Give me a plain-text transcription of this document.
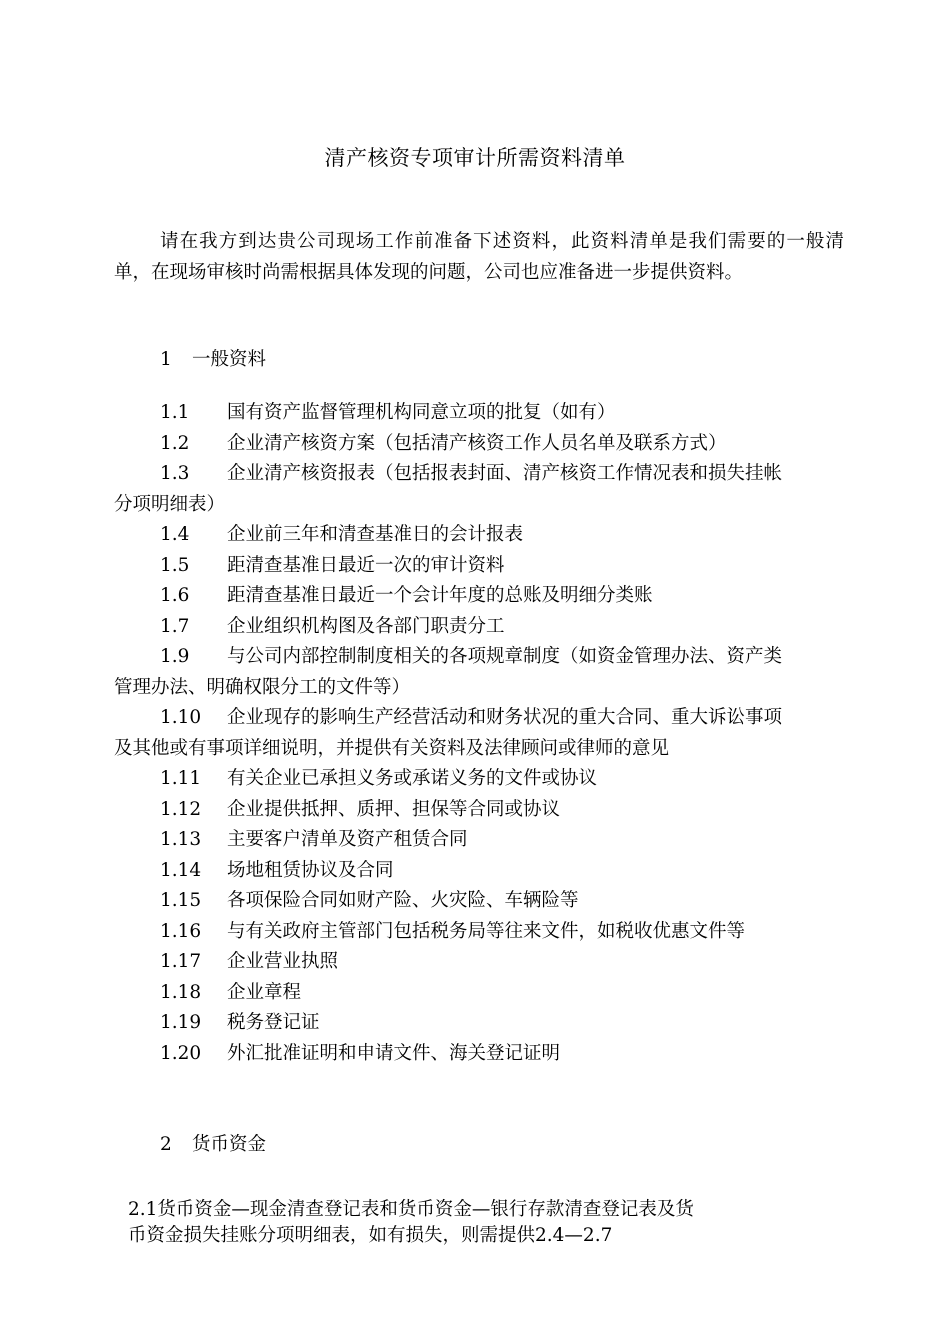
清产核资专项审计所需资料清单
请在我方到达贵公司现场工作前准备下述资料，此资料清单是我们需要的一般清单，在现场审核时尚需根据具体发现的问题，公司也应准备进一步提供资料。
1 一般资料
1.1 国有资产监督管理机构同意立项的批复（如有）
1.2 企业清产核资方案（包括清产核资工作人员名单及联系方式）
1.3 企业清产核资报表（包括报表封面、清产核资工作情况表和损失挂帐
分项明细表）
1.4 企业前三年和清查基准日的会计报表
1.5 距清查基准日最近一次的审计资料
1.6 距清查基准日最近一个会计年度的总账及明细分类账
1.7 企业组织机构图及各部门职责分工
1.9 与公司内部控制制度相关的各项规章制度（如资金管理办法、资产类
管理办法、明确权限分工的文件等）
1.10 企业现存的影响生产经营活动和财务状况的重大合同、重大诉讼事项
及其他或有事项详细说明，并提供有关资料及法律顾问或律师的意见
1.11 有关企业已承担义务或承诺义务的文件或协议
1.12 企业提供抵押、质押、担保等合同或协议
1.13 主要客户清单及资产租赁合同
1.14 场地租赁协议及合同
1.15 各项保险合同如财产险、火灾险、车辆险等
1.16 与有关政府主管部门包括税务局等往来文件，如税收优惠文件等
1.17 企业营业执照
1.18 企业章程
1.19 税务登记证
1.20 外汇批准证明和申请文件、海关登记证明
2 货币资金
2.1货币资金—现金清查登记表和货币资金—银行存款清查登记表及货
币资金损失挂账分项明细表，如有损失，则需提供2.4—2.7
